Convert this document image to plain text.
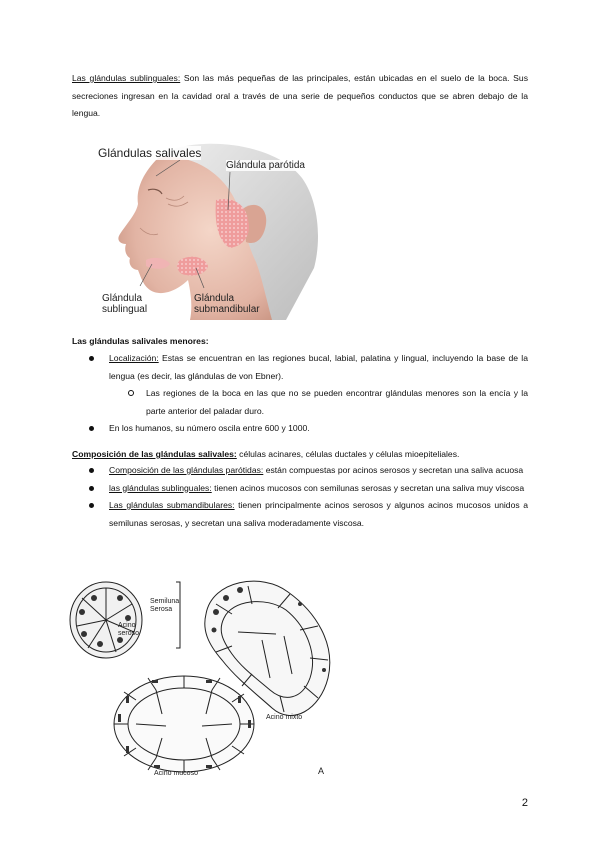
Las glándulas sublinguales: Son las más pequeñas de las principales, están ubicadas en el suelo de la boca. Sus secreciones ingresan en la cavidad oral a través de una serie de pequeños conductos que se abren debajo de la lengua.

Glándulas salivales
Glándula parótida
Glándula
sublingual
Glándula
submandibular

Las glándulas salivales menores:

Localización: Estas se encuentran en las regiones bucal, labial, palatina y lingual, incluyendo la base de la lengua (es decir, las glándulas de von Ebner).
Las regiones de la boca en las que no se pueden encontrar glándulas menores son la encía y la parte anterior del paladar duro.
En los humanos, su número oscila entre 600 y 1000.

Composición de las glándulas salivales: células acinares, células ductales y células mioepiteliales.

Composición de las glándulas parótidas: están compuestas por acinos serosos y secretan una saliva acuosa
las glándulas sublinguales: tienen acinos mucosos con semilunas serosas y secretan una saliva muy viscosa
Las glándulas submandibulares: tienen principalmente acinos serosos y algunos acinos mucosos unidos a semilunas serosas, y secretan una saliva moderadamente viscosa.
Semiluna
Serosa
Acino
seroso
Acino mixto
Acino mucoso	A
2
